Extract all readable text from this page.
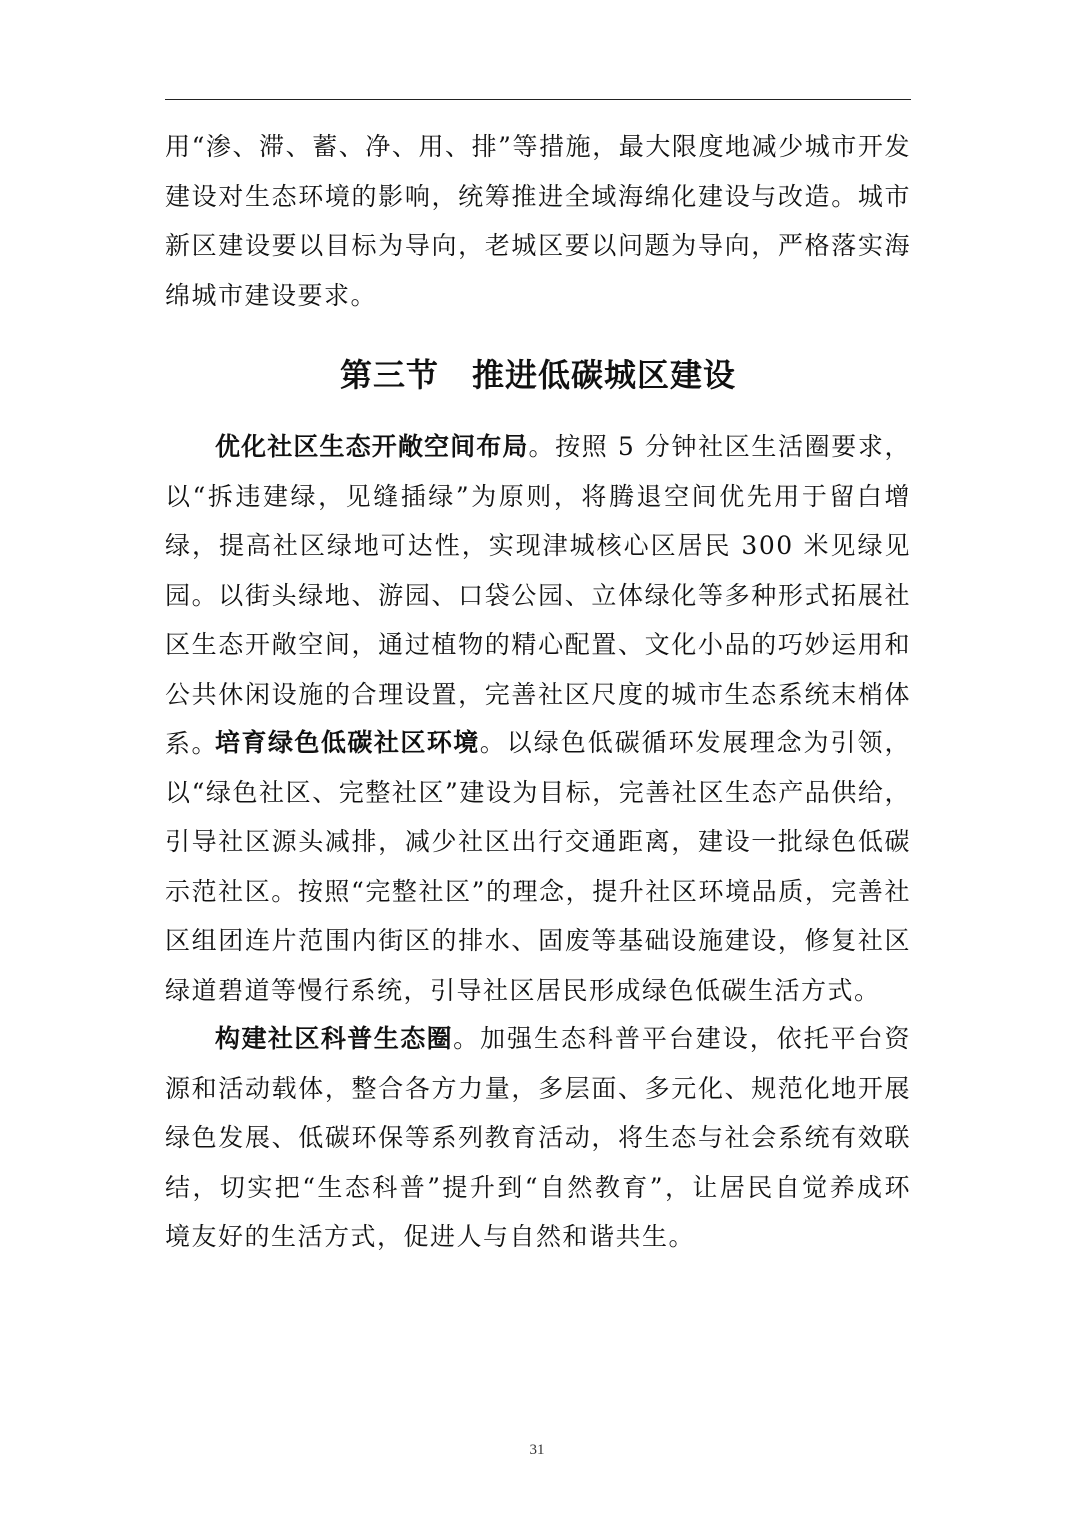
用“渗、滞、蓄、净、用、排”等措施，最大限度地减少城市开发建设对生态环境的影响，统筹推进全域海绵化建设与改造。城市新区建设要以目标为导向，老城区要以问题为导向，严格落实海绵城市建设要求。

第三节　推进低碳城区建设

优化社区生态开敞空间布局。按照 5 分钟社区生活圈要求，以“拆违建绿，见缝插绿”为原则，将腾退空间优先用于留白增绿，提高社区绿地可达性，实现津城核心区居民 300 米见绿见园。以街头绿地、游园、口袋公园、立体绿化等多种形式拓展社区生态开敞空间，通过植物的精心配置、文化小品的巧妙运用和公共休闲设施的合理设置，完善社区尺度的城市生态系统末梢体系。

培育绿色低碳社区环境。以绿色低碳循环发展理念为引领，以“绿色社区、完整社区”建设为目标，完善社区生态产品供给，引导社区源头减排，减少社区出行交通距离，建设一批绿色低碳示范社区。按照“完整社区”的理念，提升社区环境品质，完善社区组团连片范围内街区的排水、固废等基础设施建设，修复社区绿道碧道等慢行系统，引导社区居民形成绿色低碳生活方式。

构建社区科普生态圈。加强生态科普平台建设，依托平台资源和活动载体，整合各方力量，多层面、多元化、规范化地开展绿色发展、低碳环保等系列教育活动，将生态与社会系统有效联结，切实把“生态科普”提升到“自然教育”，让居民自觉养成环境友好的生活方式，促进人与自然和谐共生。

31
